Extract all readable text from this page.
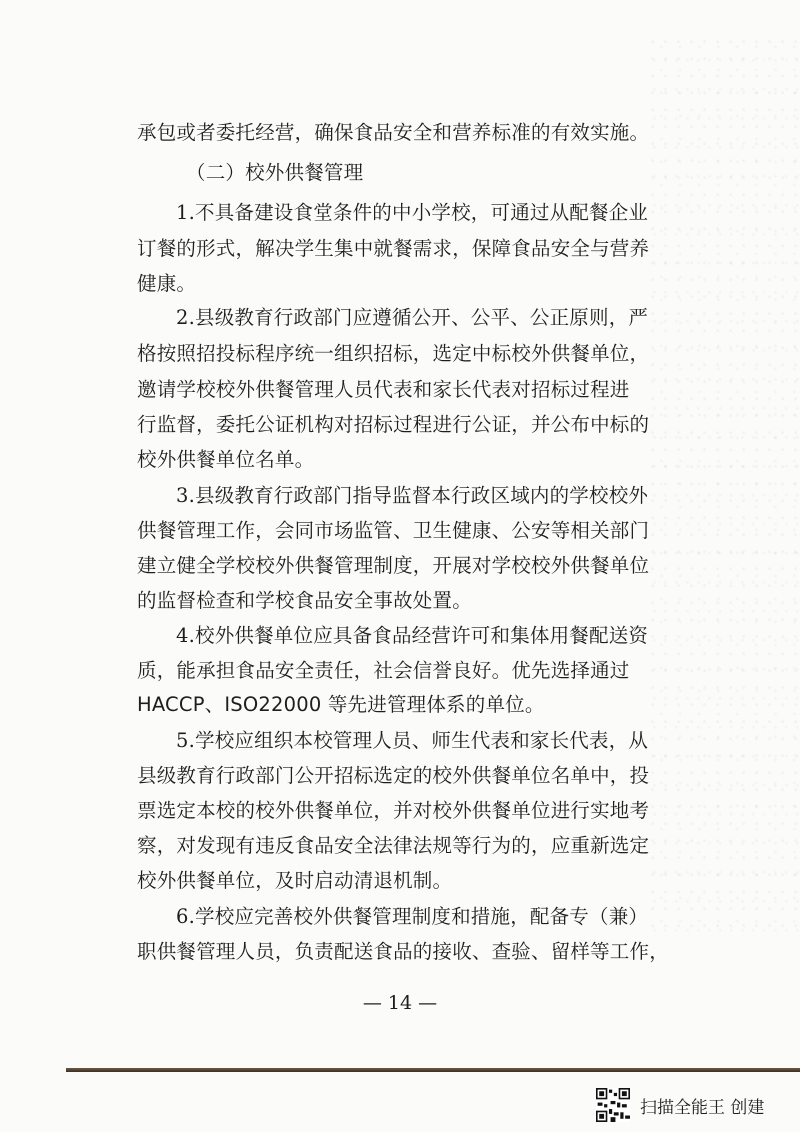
承包或者委托经营，确保食品安全和营养标准的有效实施。
（二）校外供餐管理
1.不具备建设食堂条件的中小学校，可通过从配餐企业
订餐的形式，解决学生集中就餐需求，保障食品安全与营养
健康。
2.县级教育行政部门应遵循公开、公平、公正原则，严
格按照招投标程序统一组织招标，选定中标校外供餐单位，
邀请学校校外供餐管理人员代表和家长代表对招标过程进
行监督，委托公证机构对招标过程进行公证，并公布中标的
校外供餐单位名单。
3.县级教育行政部门指导监督本行政区域内的学校校外
供餐管理工作，会同市场监管、卫生健康、公安等相关部门
建立健全学校校外供餐管理制度，开展对学校校外供餐单位
的监督检查和学校食品安全事故处置。
4.校外供餐单位应具备食品经营许可和集体用餐配送资
质，能承担食品安全责任，社会信誉良好。优先选择通过
HACCP、ISO22000 等先进管理体系的单位。
5.学校应组织本校管理人员、师生代表和家长代表，从
县级教育行政部门公开招标选定的校外供餐单位名单中，投
票选定本校的校外供餐单位，并对校外供餐单位进行实地考
察，对发现有违反食品安全法律法规等行为的，应重新选定
校外供餐单位，及时启动清退机制。
6.学校应完善校外供餐管理制度和措施，配备专（兼）
职供餐管理人员，负责配送食品的接收、查验、留样等工作，
— 14 —
扫描全能王 创建
